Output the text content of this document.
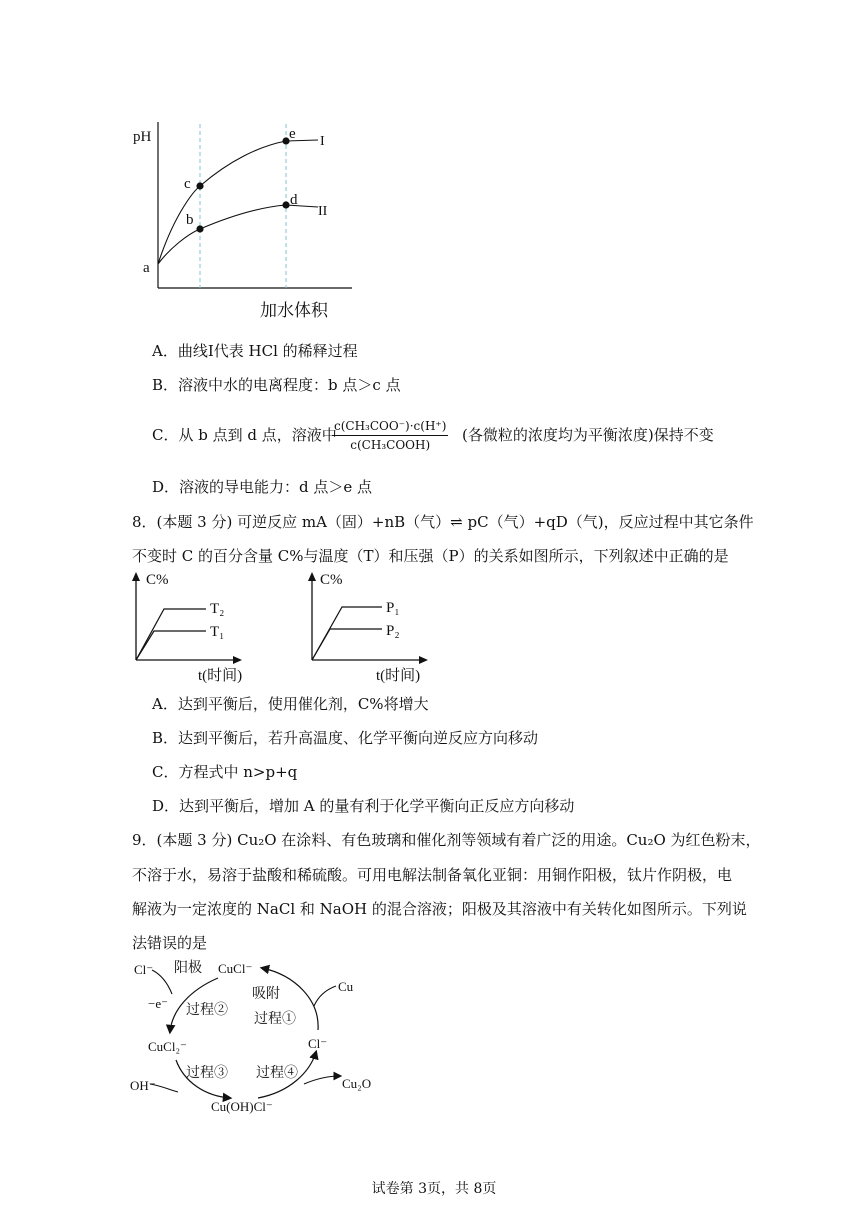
pH
加水体积
I
II
a
b
c
d
e
A．曲线Ⅰ代表 HCl 的稀释过程
B．溶液中水的电离程度：b 点＞c 点
C．从 b 点到 d 点，溶液中
c(CH₃COO⁻)·c(H⁺)
c(CH₃COOH)
(各微粒的浓度均为平衡浓度)保持不变
D．溶液的导电能力：d 点＞e 点
8．(本题 3 分) 可逆反应 mA（固）+nB（气）⇌ pC（气）+qD（气)，反应过程中其它条件
不变时 C 的百分含量 C%与温度（T）和压强（P）的关系如图所示，下列叙述中正确的是
C%
T₂
T₁
t(时间)
C%
P₁
P₂
t(时间)
A．达到平衡后，使用催化剂，C%将增大
B．达到平衡后，若升高温度、化学平衡向逆反应方向移动
C．方程式中 n>p+q
D．达到平衡后，增加 A 的量有利于化学平衡向正反应方向移动
9．(本题 3 分) Cu₂O 在涂料、有色玻璃和催化剂等领域有着广泛的用途。Cu₂O 为红色粉末，
不溶于水，易溶于盐酸和稀硫酸。可用电解法制备氧化亚铜：用铜作阳极，钛片作阴极，电
解液为一定浓度的 NaCl 和 NaOH 的混合溶液；阳极及其溶液中有关转化如图所示。下列说
法错误的是
Cl⁻ 阳极 CuCl⁻
Cu
吸附
−e⁻ 过程②
过程①
CuCl₂⁻	Cl⁻
过程③ 过程④
OH⁻	Cu₂O
Cu(OH)Cl⁻
试卷第 3页，共 8页
